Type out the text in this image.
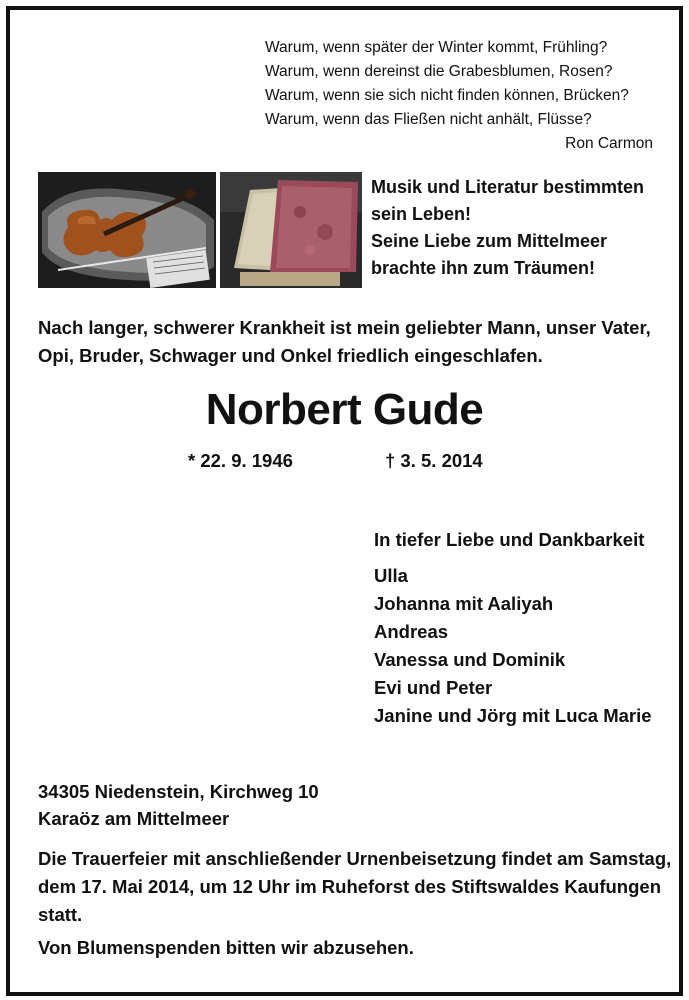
Warum, wenn später der Winter kommt, Frühling?
Warum, wenn dereinst die Grabesblumen, Rosen?
Warum, wenn sie sich nicht finden können, Brücken?
Warum, wenn das Fließen nicht anhält, Flüsse?
Ron Carmon
Musik und Literatur bestimmten
sein Leben!
Seine Liebe zum Mittelmeer
brachte ihn zum Träumen!
Nach langer, schwerer Krankheit ist mein geliebter Mann, unser Vater,
Opi, Bruder, Schwager und Onkel friedlich eingeschlafen.
Norbert Gude
* 22. 9. 1946	† 3. 5. 2014
In tiefer Liebe und Dankbarkeit
Ulla
Johanna mit Aaliyah
Andreas
Vanessa und Dominik
Evi und Peter
Janine und Jörg mit Luca Marie
34305 Niedenstein, Kirchweg 10
Karaöz am Mittelmeer
Die Trauerfeier mit anschließender Urnenbeisetzung findet am Samstag,
dem 17. Mai 2014, um 12 Uhr im Ruheforst des Stiftswaldes Kaufungen
statt.
Von Blumenspenden bitten wir abzusehen.
